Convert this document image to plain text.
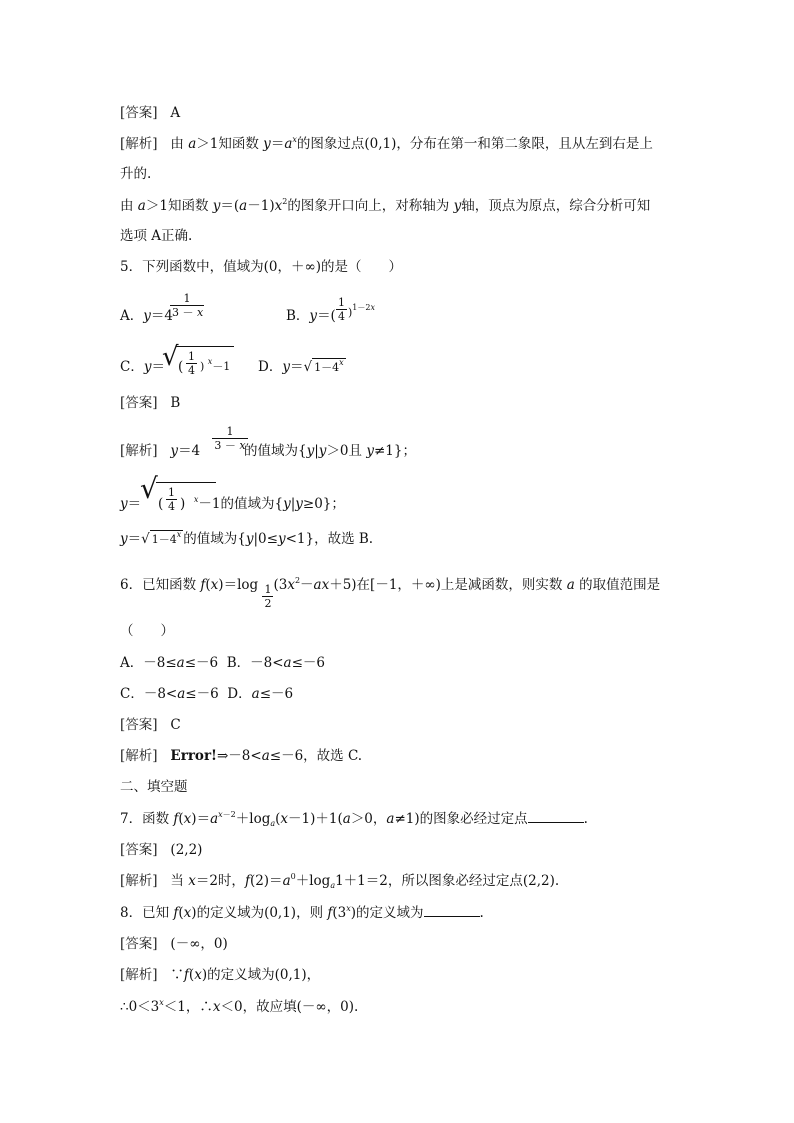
[答案] A
[解析] 由 a＞1知函数 $y=a^x$的图象过点(0,1)，分布在第一和第二象限，且从左到右是上
升的.
由 a＞1知函数 $y=(a-1)x^2$的图象开口向上，对称轴为 y轴，顶点为原点，综合分析可知
选项 A正确.
5．下列函数中，值域为(0，＋∞)的是（　　）
A．y＝4
$\frac{1}{3 - x}$	B．$y=( \frac{1}{4} )^{1-2x}$
C．y＝
√ ( $\frac{1}{4}$ ) $^x$－1 D．y＝√ $1-4^x$
[答案] B
[解析] $y=4 \frac{1}{3 - x}$
的值域为{y|y＞0且 y≠1}；
y＝
√ ( $\frac{1}{4}$ )  $^x$－1的值域为{y|y≥0}；
y＝√ $1-4^x$ 的值域为{y|0≤y<1}，故选 B.
6．已知函数 $f(x)=\log \frac{1}{2} (3x^2-ax+5)$在[－1，＋∞)上是减函数，则实数 a 的取值范围是
（　　）
A．－8≤a≤－6 B．－8<a≤－6
C．－8<a≤－6 D．a≤－6
[答案] C
[解析] Error!⇒－8<a≤－6，故选 C.
二、填空题
7．函数 $f(x)=a^{x-2}+\log_a(x-1)+1(a>0$，a≠1)的图象必经过定点	.
[答案] (2,2)
[解析] 当 x＝2时，$f(2)=a^0+\log_a1+1=2$，所以图象必经过定点(2,2).
8．已知 f(x)的定义域为(0,1)，则 f(3$^x$)的定义域为	.
[答案] (－∞，0)
[解析] ∵f(x)的定义域为(0,1)，
$\therefore 0<3^x<1$，∴x＜0，故应填(－∞，0).
